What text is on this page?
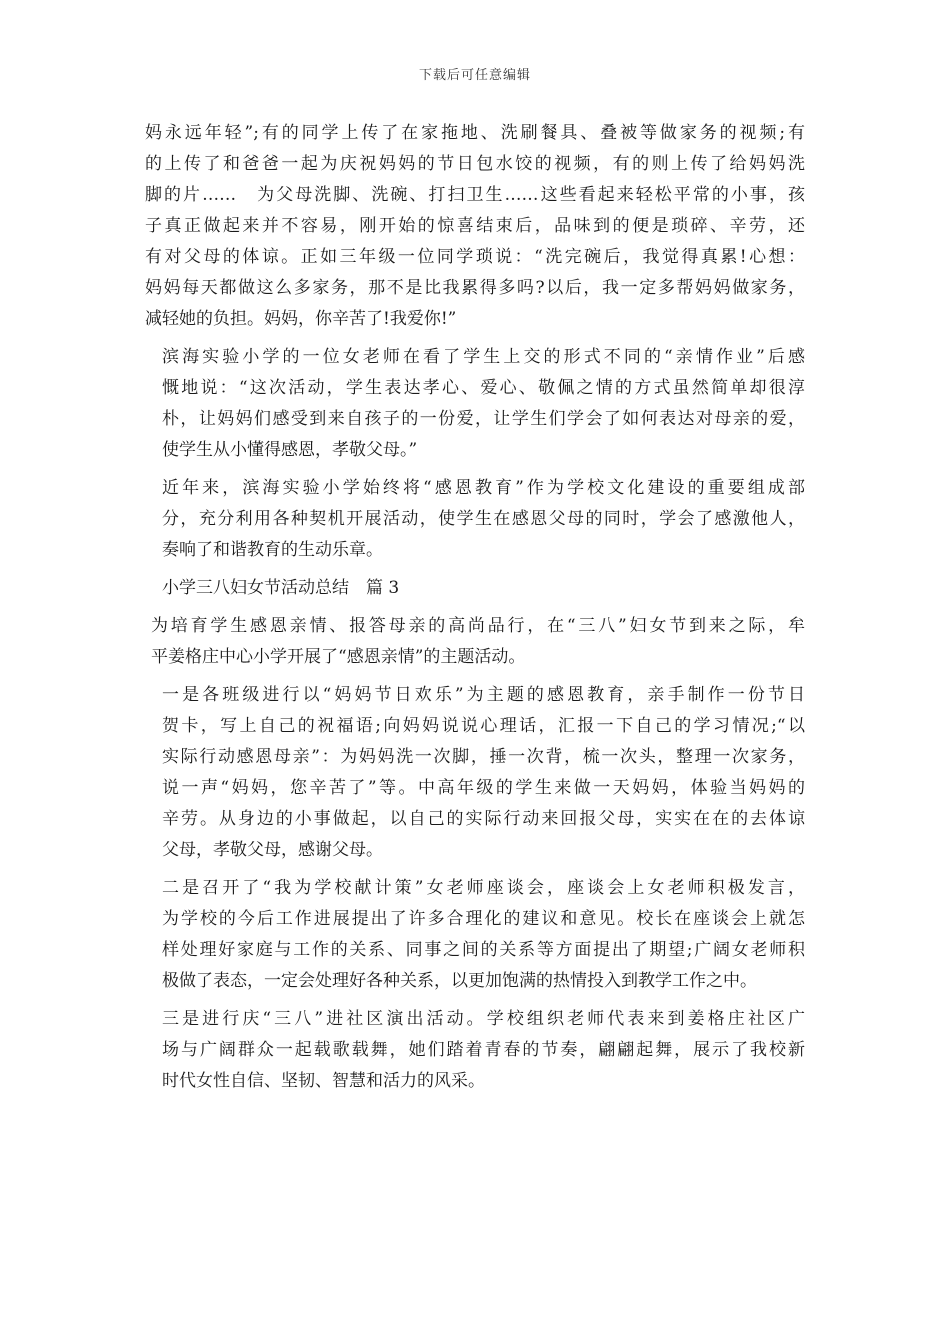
下载后可任意编辑
妈永远年轻”;有的同学上传了在家拖地、洗刷餐具、叠被等做家务的视频;有
的上传了和爸爸一起为庆祝妈妈的节日包水饺的视频，有的则上传了给妈妈洗
脚的片……　为父母洗脚、洗碗、打扫卫生……这些看起来轻松平常的小事，孩
子真正做起来并不容易，刚开始的惊喜结束后，品味到的便是琐碎、辛劳，还
有对父母的体谅。正如三年级一位同学琐说：“洗完碗后，我觉得真累!心想：
妈妈每天都做这么多家务，那不是比我累得多吗?以后，我一定多帮妈妈做家务，
减轻她的负担。妈妈，你辛苦了!我爱你!”
滨海实验小学的一位女老师在看了学生上交的形式不同的“亲情作业”后感
慨地说：“这次活动，学生表达孝心、爱心、敬佩之情的方式虽然简单却很淳
朴，让妈妈们感受到来自孩子的一份爱，让学生们学会了如何表达对母亲的爱，
使学生从小懂得感恩，孝敬父母。”
近年来，滨海实验小学始终将“感恩教育”作为学校文化建设的重要组成部
分，充分利用各种契机开展活动，使学生在感恩父母的同时，学会了感激他人，
奏响了和谐教育的生动乐章。
小学三八妇女节活动总结　篇 3
为培育学生感恩亲情、报答母亲的高尚品行，在“三八”妇女节到来之际，牟
平姜格庄中心小学开展了“感恩亲情”的主题活动。
一是各班级进行以“妈妈节日欢乐”为主题的感恩教育，亲手制作一份节日
贺卡，写上自己的祝福语;向妈妈说说心理话，汇报一下自己的学习情况;“以
实际行动感恩母亲”：为妈妈洗一次脚，捶一次背，梳一次头，整理一次家务，
说一声“妈妈，您辛苦了”等。中高年级的学生来做一天妈妈，体验当妈妈的
辛劳。从身边的小事做起，以自己的实际行动来回报父母，实实在在的去体谅
父母，孝敬父母，感谢父母。
二是召开了“我为学校献计策”女老师座谈会，座谈会上女老师积极发言，
为学校的今后工作进展提出了许多合理化的建议和意见。校长在座谈会上就怎
样处理好家庭与工作的关系、同事之间的关系等方面提出了期望;广阔女老师积
极做了表态，一定会处理好各种关系，以更加饱满的热情投入到教学工作之中。
三是进行庆“三八”进社区演出活动。学校组织老师代表来到姜格庄社区广
场与广阔群众一起载歌载舞，她们踏着青春的节奏，翩翩起舞，展示了我校新
时代女性自信、坚韧、智慧和活力的风采。
